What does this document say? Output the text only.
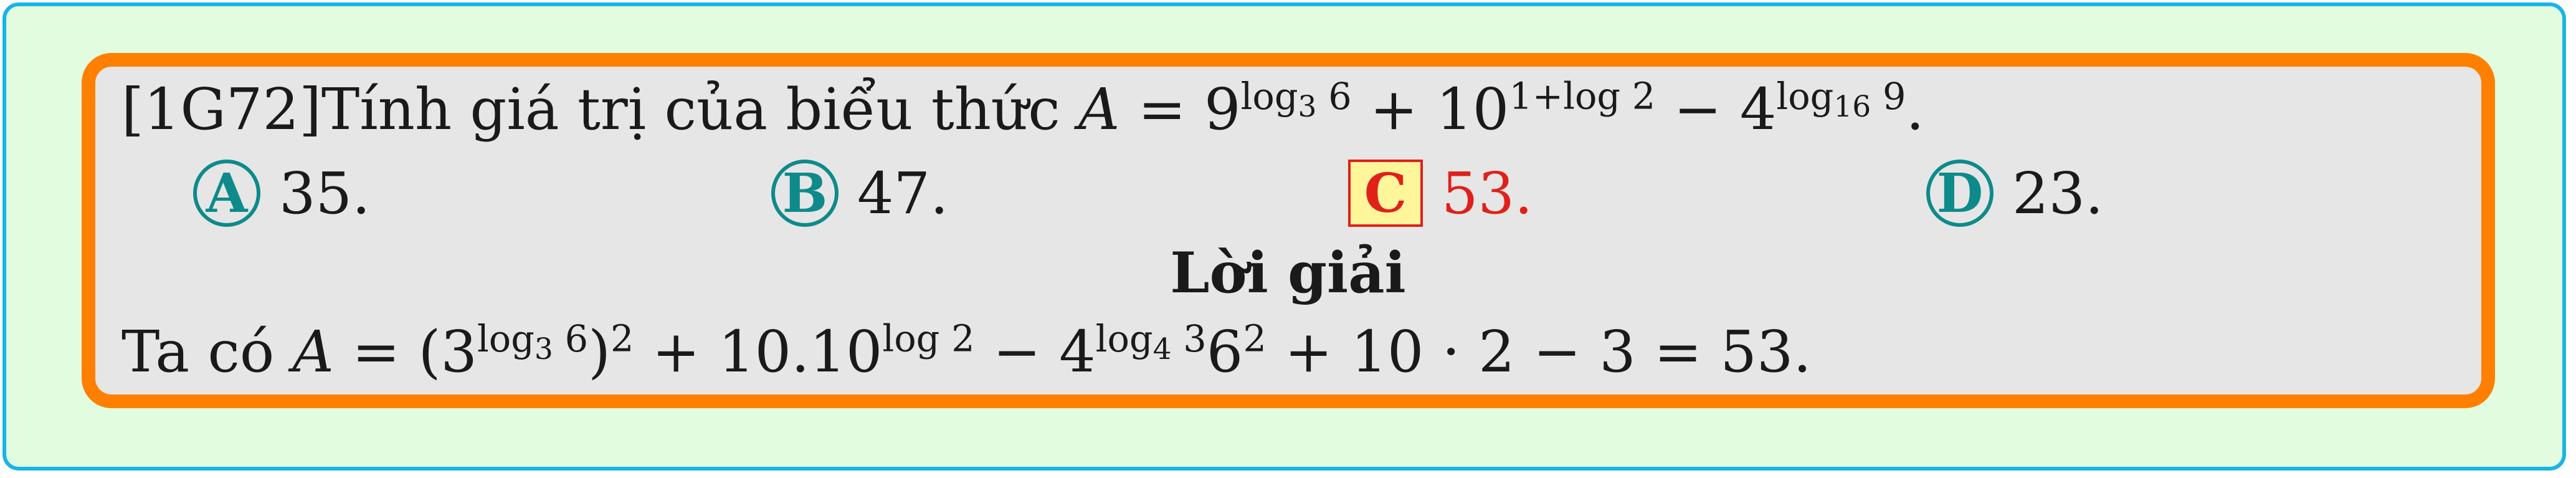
[1G72]Tính giá trị của biểu thức $A = 9^{log_3 6} + 10^{1+log 2} - 4^{log_{16} 9}$.
A 35.	B 47.	C 53.	D 23.
Lời giải
Ta có $A = (3^{log_3 6})^2 + 10.10^{log 2} - 4^{log_4 3}6^2 + 10 \cdot 2 - 3 = 53$.
